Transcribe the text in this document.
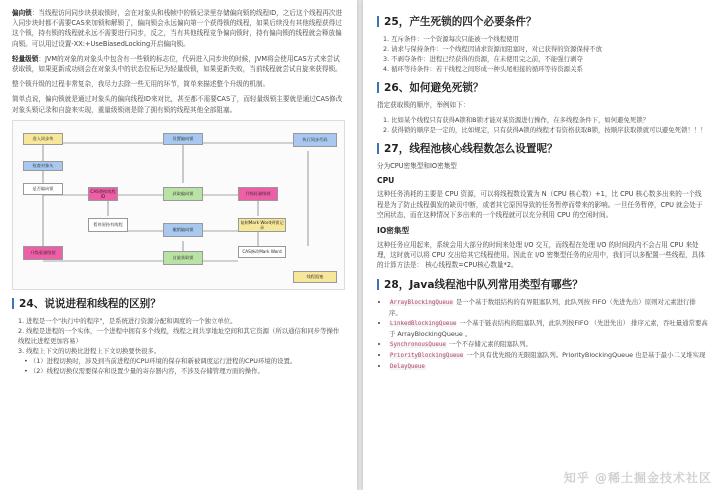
偏向锁：当线程访问同步块获取锁时，会在对象头和栈帧中的锁记录里存储偏向锁的线程ID，之后这个线程再次进入同步块时都不需要CAS来加锁和解锁了，偏向锁会永远偏向第一个获得锁的线程，如果后续没有其他线程获得过这个锁，持有锁的线程就永远不需要进行同步，反之，当有其他线程竞争偏向锁时，持有偏向锁的线程就会释放偏向锁。可以用过设置-XX:+UseBiasedLocking开启偏向锁。

轻量级锁：JVM的对象的对象头中包含有一些锁的标志位，代码进入同步块的时候，JVM将会使用CAS方式来尝试获取锁，如果更新成功则会在对象头中的状态位标记为轻量级锁，如果更新失败，当前线程就尝试自旋来获得锁。

整个锁升级的过程非常复杂，我尽力去除一些无用的环节，简单来描述整个升级的机制。

简单点说，偏向锁就是通过对象头的偏向线程ID来对比，甚至都不需要CAS了，而轻量级锁主要就是通过CAS修改对象头锁记录和自旋来实现，重量级锁则是除了拥有锁的线程其他全部阻塞。

进入同步块
检查对象头
是否偏向锁	CAS替换线程ID
设置偏向锁
获取偏向锁
暂停原持有线程
撤销偏向锁
升级轻量级锁
复制Mark Word到锁记录
CAS修改Mark Word
自旋获取锁
升级重量级锁
执行同步代码
线程阻塞
24、说说进程和线程的区别？
1. 进程是一个"执行中的程序"，是系统进行资源分配和调度的一个独立单位。
2. 线程是进程的一个实体，一个进程中拥有多个线程，线程之间共享地址空间和其它资源（所以通信和同步等操作线程比进程更加容易）
3. 线程上下文的切换比进程上下文切换要快很多。
• （1）进程切换时，涉及到当前进程的CPU环境的保存和新被调度运行进程的CPU环境的设置。
• （2）线程切换仅需要保存和设置少量的寄存器内容，不涉及存储管理方面的操作。
25，产生死锁的四个必要条件？
1. 互斥条件：一个资源每次只能被一个线程使用
2. 请求与保持条件：一个线程因请求资源而阻塞时，对已获得的资源保持不放
3. 不剥夺条件：进程已经获得的资源，在未使用完之前，不能强行剥夺
4. 循环等待条件：若干线程之间形成一种头尾相接的循环等待资源关系
26、如何避免死锁？

指定获取锁的顺序，举例如下：

1. 比如某个线程只有获得A锁和B锁才能对某资源进行操作，在多线程条件下，如何避免死锁？
2. 获得锁的顺序是一定的，比如规定，只有获得A锁的线程才有资格获取B锁，按顺序获取锁就可以避免死锁！！！
27，线程池核心线程数怎么设置呢？

分为CPU密集型和IO密集型

CPU

这种任务消耗的主要是 CPU 资源，可以将线程数设置为 N（CPU 核心数）+1，比 CPU 核心数多出来的一个线程是为了防止线程偶发的缺页中断，或者其它原因导致的任务暂停而带来的影响。一旦任务暂停，CPU 就会处于空闲状态，而在这种情况下多出来的一个线程就可以充分利用 CPU 的空闲时间。

IO密集型

这种任务应用起来，系统会用大部分的时间来处理 I/O 交互，而线程在处理 I/O 的时间段内不会占用 CPU 来处理，这时就可以将 CPU 交出给其它线程使用。因此在 I/O 密集型任务的应用中，我们可以多配置一些线程，具体的计算方法是： 核心线程数=CPU核心数量*2。

28，Java线程池中队列常用类型有哪些？
• ArrayBlockingQueue 是一个基于数组结构的有界阻塞队列，此队列按 FIFO（先进先出）原则对元素进行排序。
• LinkedBlockingQueue 一个基于链表结构的阻塞队列，此队列按FIFO （先进先出） 排序元素，吞吐量通常要高于 ArrayBlockingQueue 。
• SynchronousQueue 一个不存储元素的阻塞队列。
• PriorityBlockingQueue 一个具有优先级的无限阻塞队列。PriorityBlockingQueue 也是基于最小二叉堆实现
• DelayQueue
知乎 @稀土掘金技术社区
